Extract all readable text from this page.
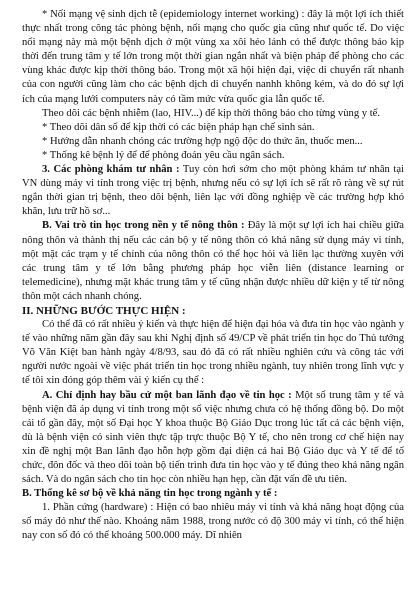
* Nối mạng vệ sinh dịch tễ (epidemiology internet working) : đây là một lợi ích thiết thực nhất trong công tác phòng bệnh, nối mạng cho quốc gia cũng như quốc tế. Do việc nối mạng này mà một bệnh dịch ở một vùng xa xôi hẻo lánh có thể được thông báo kịp thời đến trung tâm y tế lớn trong một thời gian ngắn nhất và biện pháp để phòng cho các vùng khác được kịp thời thông báo. Trong một xã hội hiện đại, việc di chuyển rất nhanh của con người cũng làm cho các bệnh dịch di chuyển nanhh không kém, và do đó sự lợi ích của mạng lưới computers này có tầm mức vừa quốc gia lẫn quốc tế.

Theo dõi các bệnh nhiễm (lao, HIV...) để kịp thời thông báo cho từng vùng y tế.

* Theo dõi dân số để kịp thời có các biện pháp hạn chế sinh sản.

* Hướng dẫn nhanh chóng các trường hợp ngộ độc do thức ăn, thuốc men...

* Thống kê bệnh lý để để phòng đoán yêu cầu ngân sách.

3. Các phòng khám tư nhân : Tuy còn hơi sớm cho một phòng khám tư nhân tại VN dùng máy vi tính trong việc trị bệnh, nhưng nếu có sự lợi ích sẽ rất rõ ràng về sự rút ngắn thời gian trị bệnh, theo dõi bệnh, liên lạc với đồng nghiệp về các trường hợp khó khăn, lưu trữ hồ sơ...

B. Vai trò tin học trong nền y tế nông thôn : Đây là một sự lợi ích hai chiều giữa nông thôn và thành thị nếu các cán bộ y tế nông thôn có khả năng sử dụng máy vi tính, một mặt các trạm y tế chính của nông thôn có thể học hỏi và liên lạc thường xuyên với các trung tâm y tế lớn bằng phương pháp học viễn liên (distance learning or telemedicine), nhưng mặt khác trung tâm y tế cũng nhận được nhiều dữ kiện y tế từ nông thôn một cách nhanh chóng.

II. NHỮNG BƯỚC THỰC HIỆN :

Có thể đã có rất nhiều ý kiến và thực hiện để hiện đại hóa và đưa tin học vào ngành y tế vào những năm gần đây sau khi Nghị định số 49/CP về phát triển tin học do Thủ tướng Võ Văn Kiệt ban hành ngày 4/8/93, sau đó đã có rất nhiều nghiên cứu và công tác với người nước ngoài về việc phát triển tin học trong nhiều ngành, tuy nhiên trong lĩnh vực y tế tôi xin đóng góp thêm vài ý kiến cụ thể :

A. Chỉ định hay bầu cử một ban lãnh đạo về tin học : Một số trung tâm y tế và bệnh viện đã áp dụng vi tính trong một số việc nhưng chưa có hệ thống đồng bộ. Do một cái tổ gần đây, một số Đại học Y khoa thuộc Bộ Giáo Dục trong lúc tất cả các bệnh viện, dù là bệnh viện có sinh viên thực tập trực thuộc Bộ Y tế, cho nên trong cơ chế hiện nay xin đề nghị một Ban lãnh đạo hỗn hợp gồm đại diện cả hai Bộ Giáo dục và Y tế để tổ chức, đôn đốc và theo dõi toàn bộ tiến trình đưa tin học vào y tế đúng theo khả năng ngân sách. Và do ngân sách cho tin học còn nhiều hạn hẹp, cần đặt vấn đề ưu tiên.

B. Thống kê sơ bộ về khả năng tin học trong ngành y tế :

1. Phần cứng (hardware) : Hiện có bao nhiêu máy vi tính và khả năng hoạt động của số máy đó như thế nào. Khoảng năm 1988, trong nước có độ 300 máy vi tính, có thể hiện nay con số đó có thể khoảng 500.000 máy. Dĩ nhiên
